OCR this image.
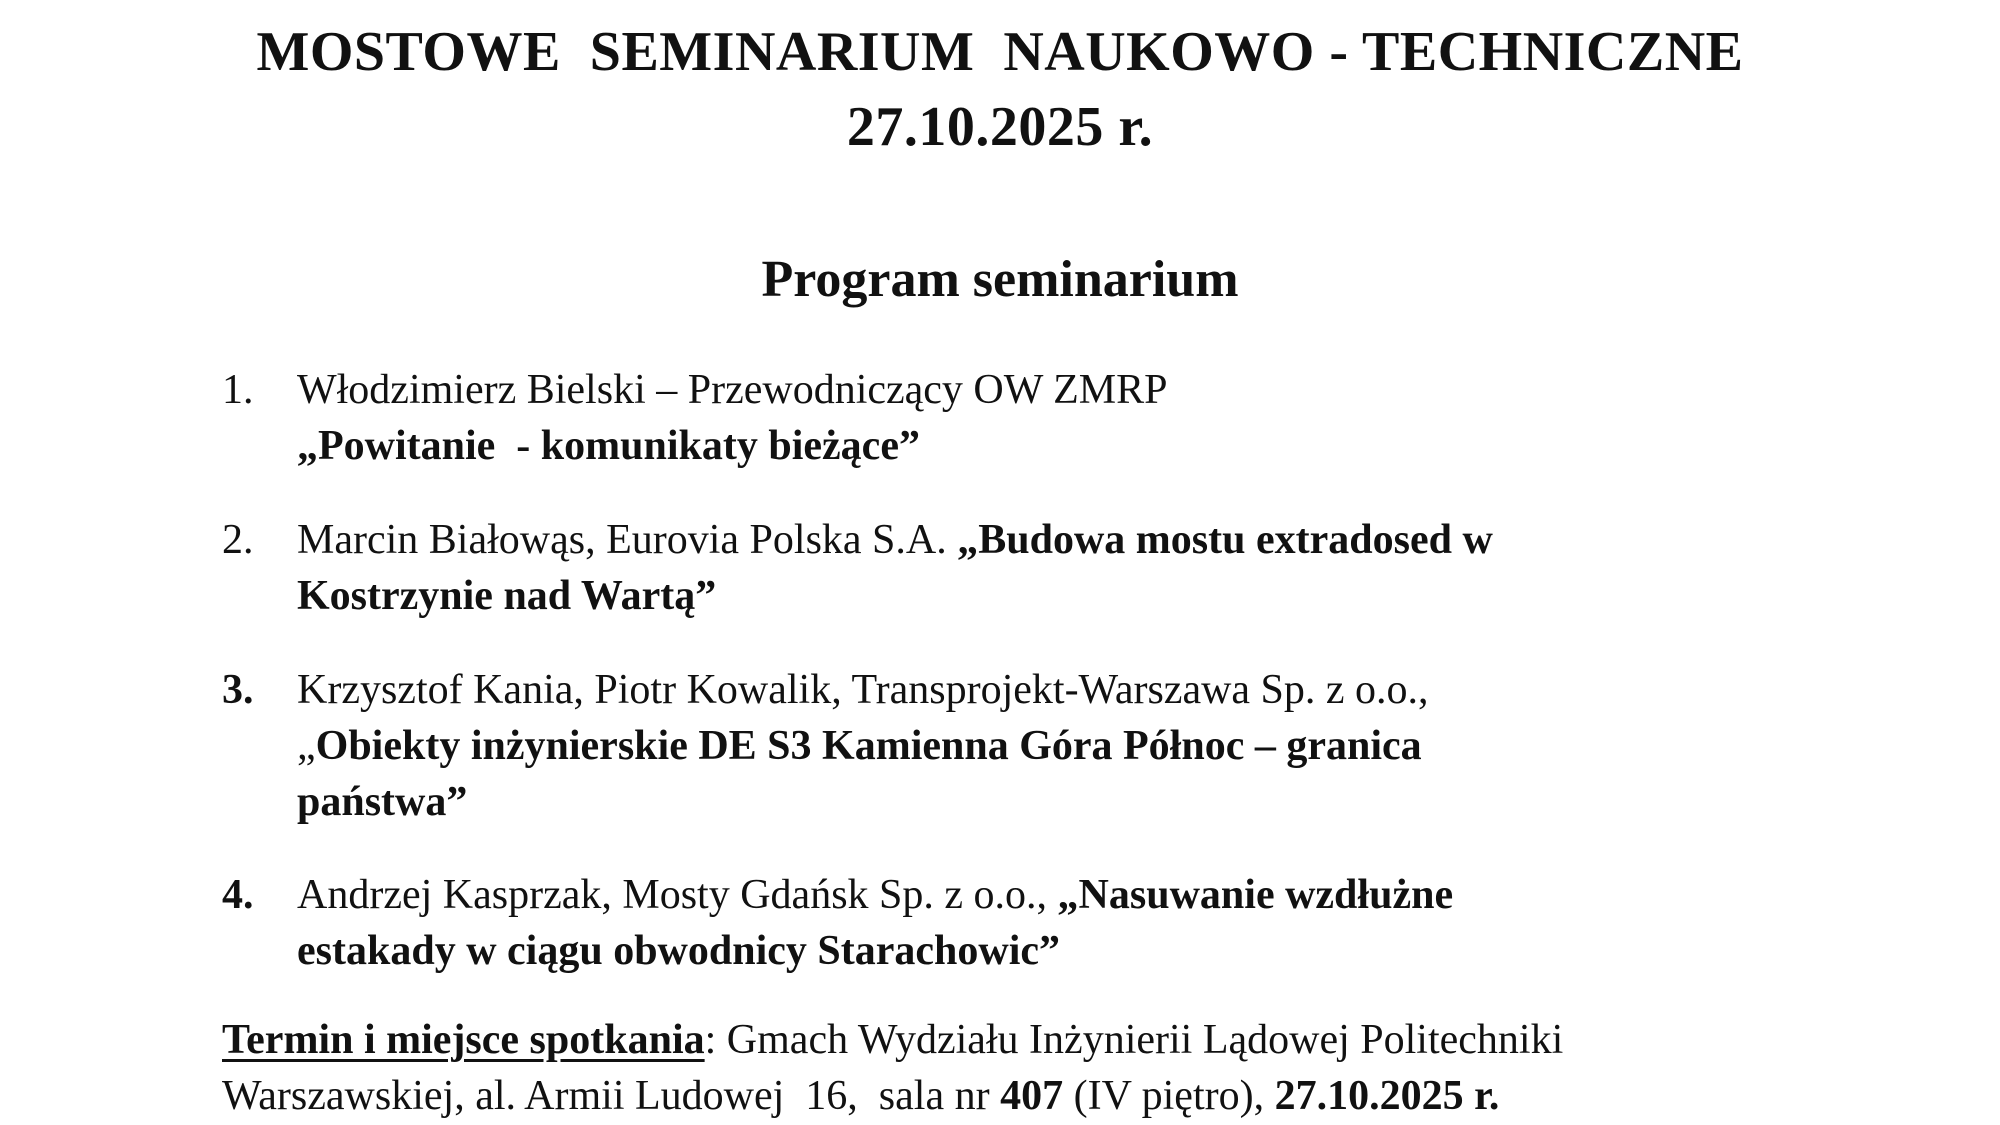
MOSTOWE  SEMINARIUM  NAUKOWO - TECHNICZNE
27.10.2025 r.
Program seminarium
1.	Włodzimierz Bielski – Przewodniczący OW ZMRP
„Powitanie  - komunikaty bieżące”
2.	Marcin Białowąs, Eurovia Polska S.A. „Budowa mostu extradosed w
Kostrzynie nad Wartą”
3.	Krzysztof Kania, Piotr Kowalik, Transprojekt-Warszawa Sp. z o.o.,
„Obiekty inżynierskie DE S3 Kamienna Góra Północ – granica
państwa”
4.	Andrzej Kasprzak, Mosty Gdańsk Sp. z o.o., „Nasuwanie wzdłużne
estakady w ciągu obwodnicy Starachowic”
Termin i miejsce spotkania: Gmach Wydziału Inżynierii Lądowej Politechniki
Warszawskiej, al. Armii Ludowej  16,  sala nr 407 (IV piętro), 27.10.2025 r.
